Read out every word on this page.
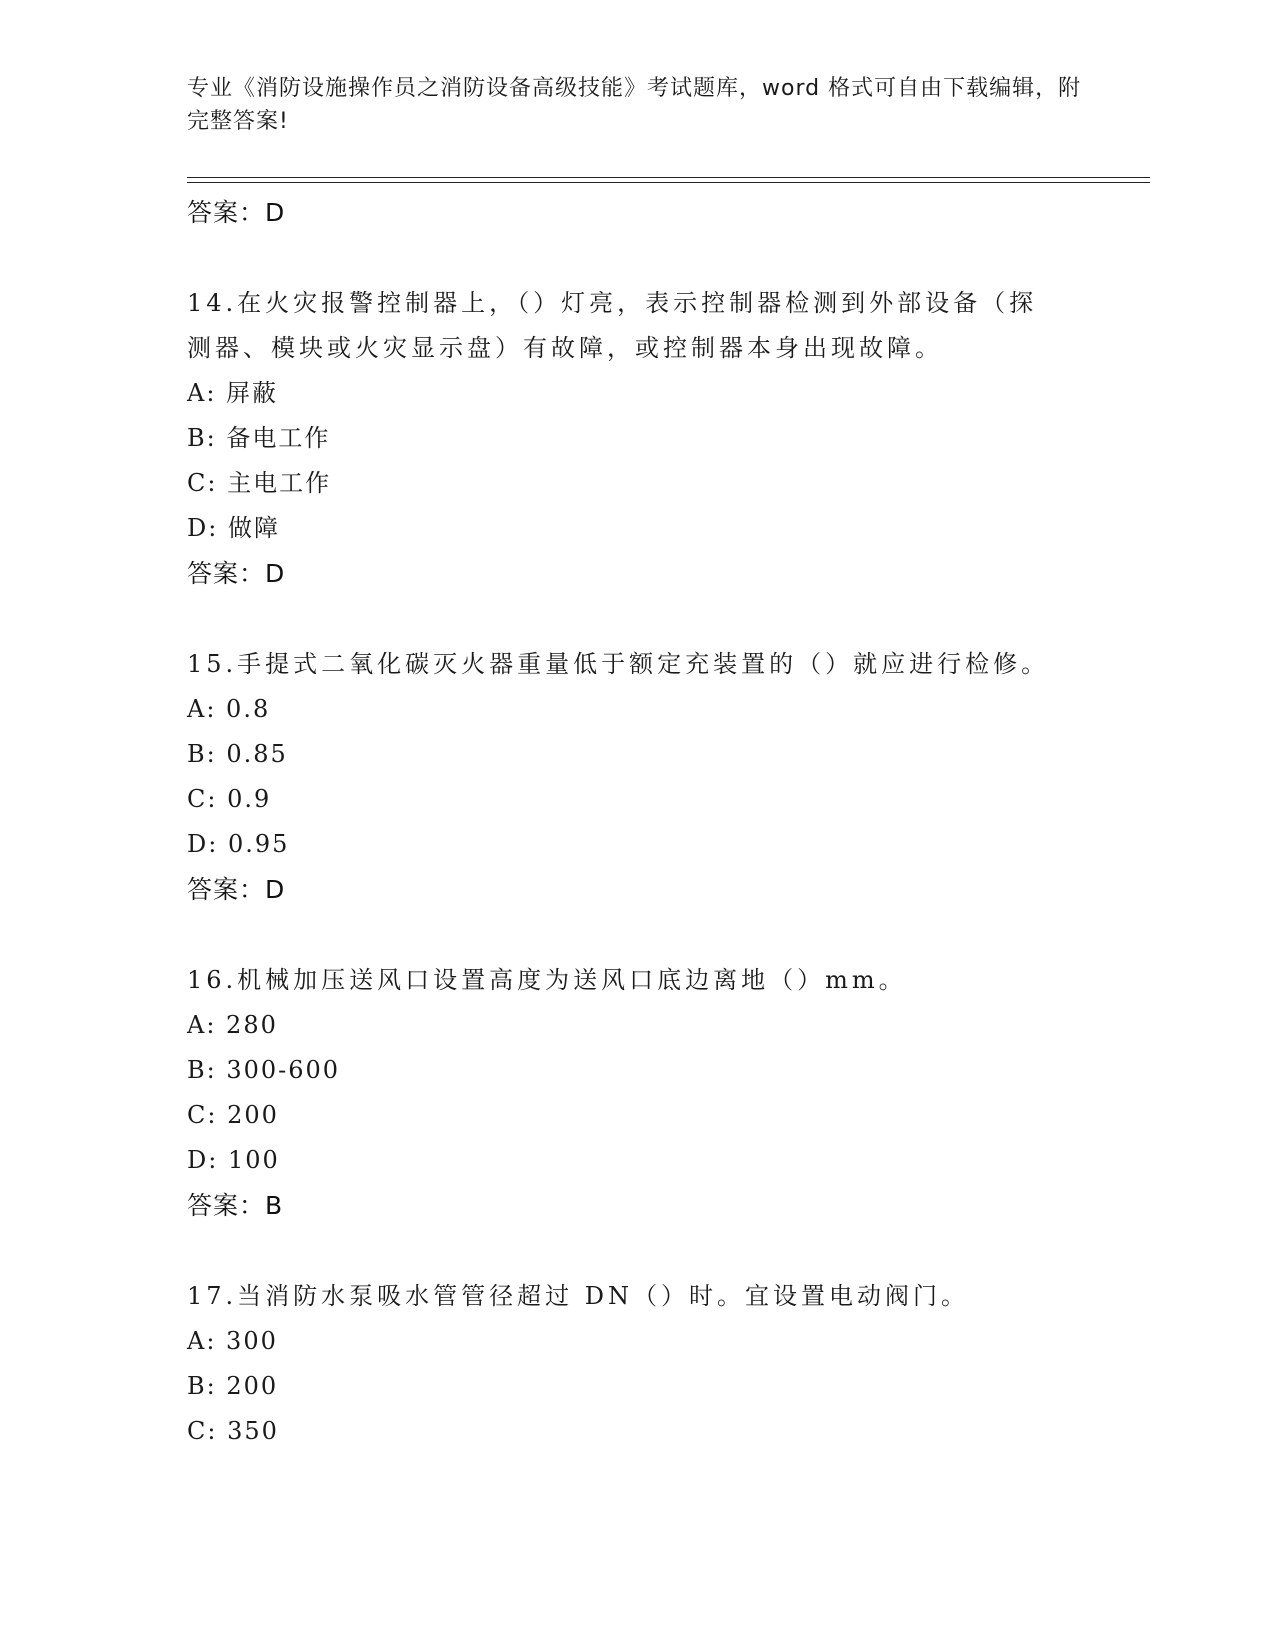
专业《消防设施操作员之消防设备高级技能》考试题库，word 格式可自由下载编辑，附完整答案!
答案：D
14.在火灾报警控制器上，（）灯亮，表示控制器检测到外部设备（探测器、模块或火灾显示盘）有故障，或控制器本身出现故障。
A: 屏蔽
B: 备电工作
C: 主电工作
D: 做障
答案：D
15.手提式二氧化碳灭火器重量低于额定充装置的（）就应进行检修。
A: 0.8
B: 0.85
C: 0.9
D: 0.95
答案：D
16.机械加压送风口设置高度为送风口底边离地（）mm。
A: 280
B: 300-600
C: 200
D: 100
答案：B
17.当消防水泵吸水管管径超过 DN（）时。宜设置电动阀门。
A: 300
B: 200
C: 350
